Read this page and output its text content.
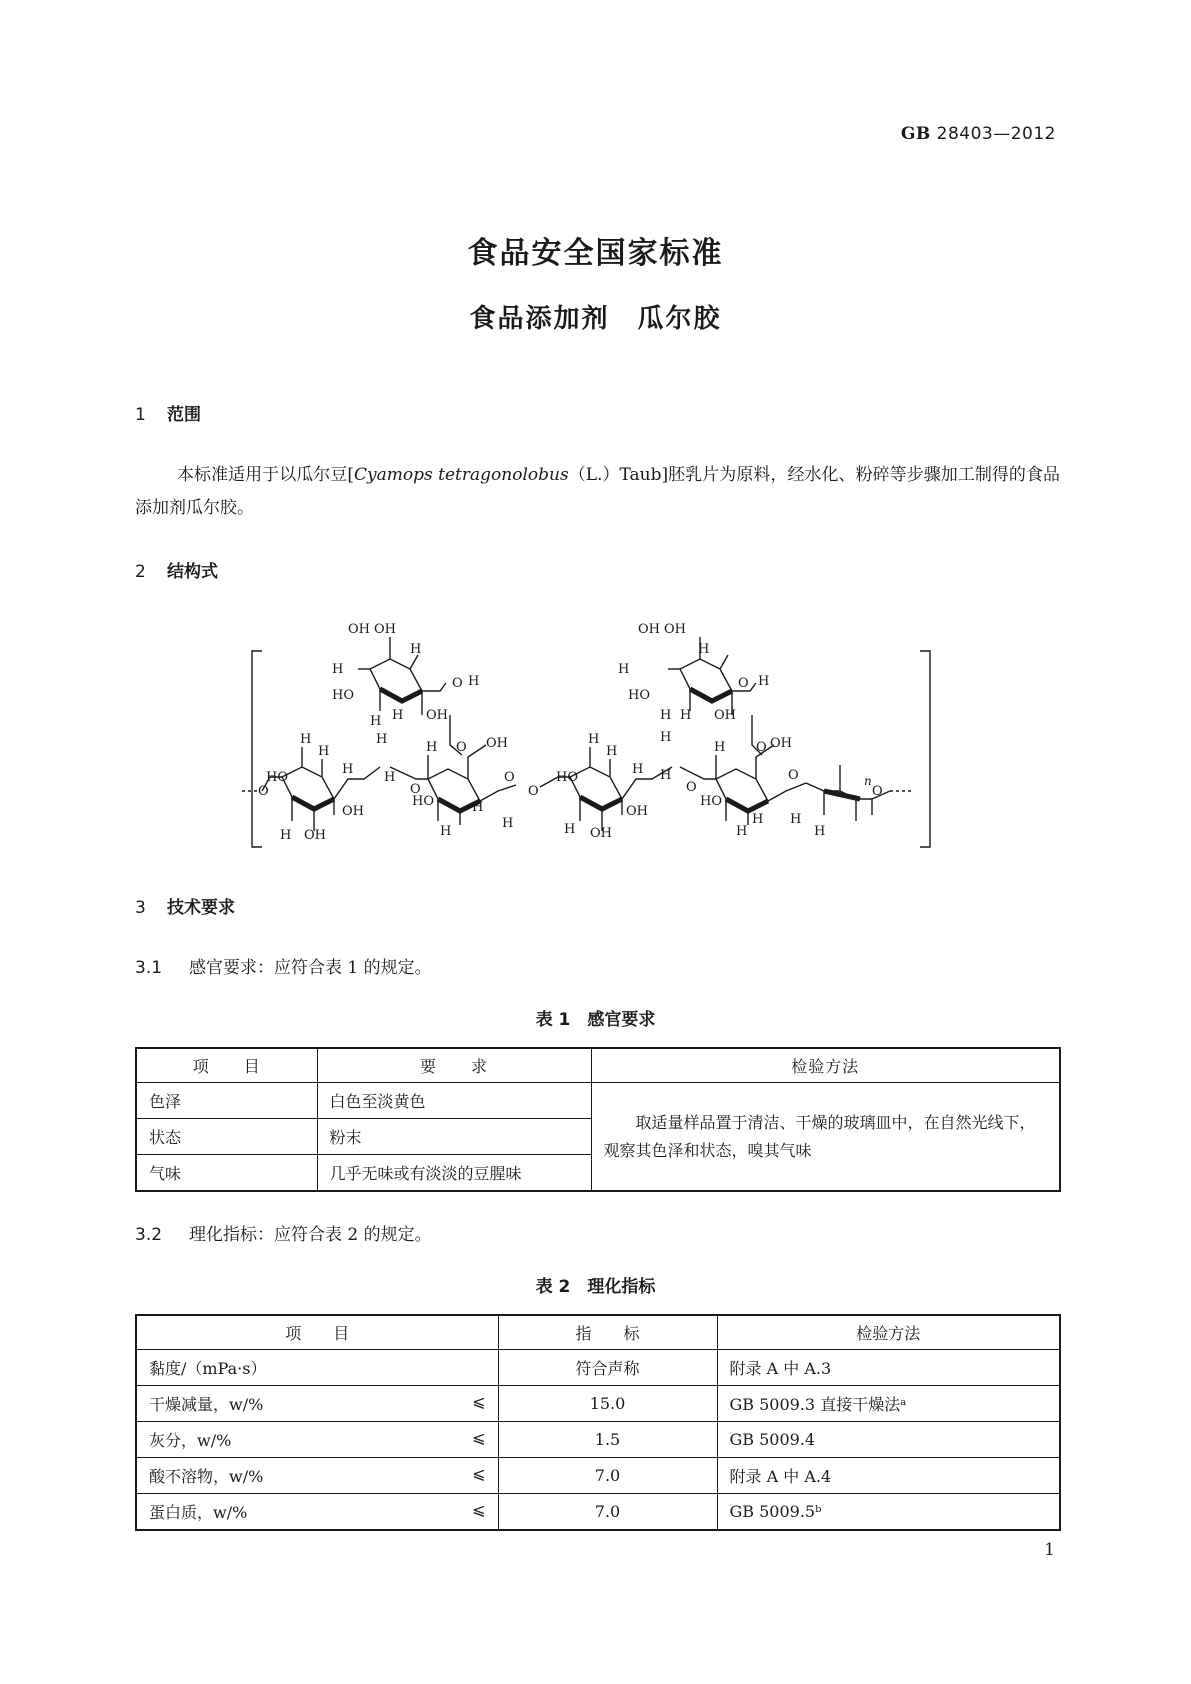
GB 28403—2012
食品安全国家标准
食品添加剂　瓜尔胶
1 范围
本标准适用于以瓜尔豆[Cyamops tetragonolobus（L.）Taub]胚乳片为原料，经水化、粉碎等步骤加工制得的食品添加剂瓜尔胶。
2 结构式
OH OH
H
H
HO
O H
H H OH
H
O
OH OH
H
H
HO
O H
H H OH
H
O
H
HO
H
H
O
H OH
OH
H
O
H	OH
O
HO
H
H
H
O
H
HO
H
H
H OH
OH
H
O
H	OH
O
HO
H
H H
H
O
n
3 技术要求
3.1 感官要求：应符合表 1 的规定。
表 1　感官要求
项　　目	要　　求	检验方法
色泽	白色至淡黄色	取适量样品置于清洁、干燥的玻璃皿中，在自然光线下，观察其色泽和状态，嗅其气味
状态	粉末	
气味	几乎无味或有淡淡的豆腥味	
3.2 理化指标：应符合表 2 的规定。
表 2　理化指标
项　　目	指　　标	检验方法
黏度/（mPa·s）	符合声称	附录 A 中 A.3
干燥减量，w/% ⩽	15.0	GB 5009.3 直接干燥法ᵃ
灰分，w/% ⩽	1.5	GB 5009.4
酸不溶物，w/% ⩽	7.0	附录 A 中 A.4
蛋白质，w/% ⩽	7.0	GB 5009.5ᵇ
1
